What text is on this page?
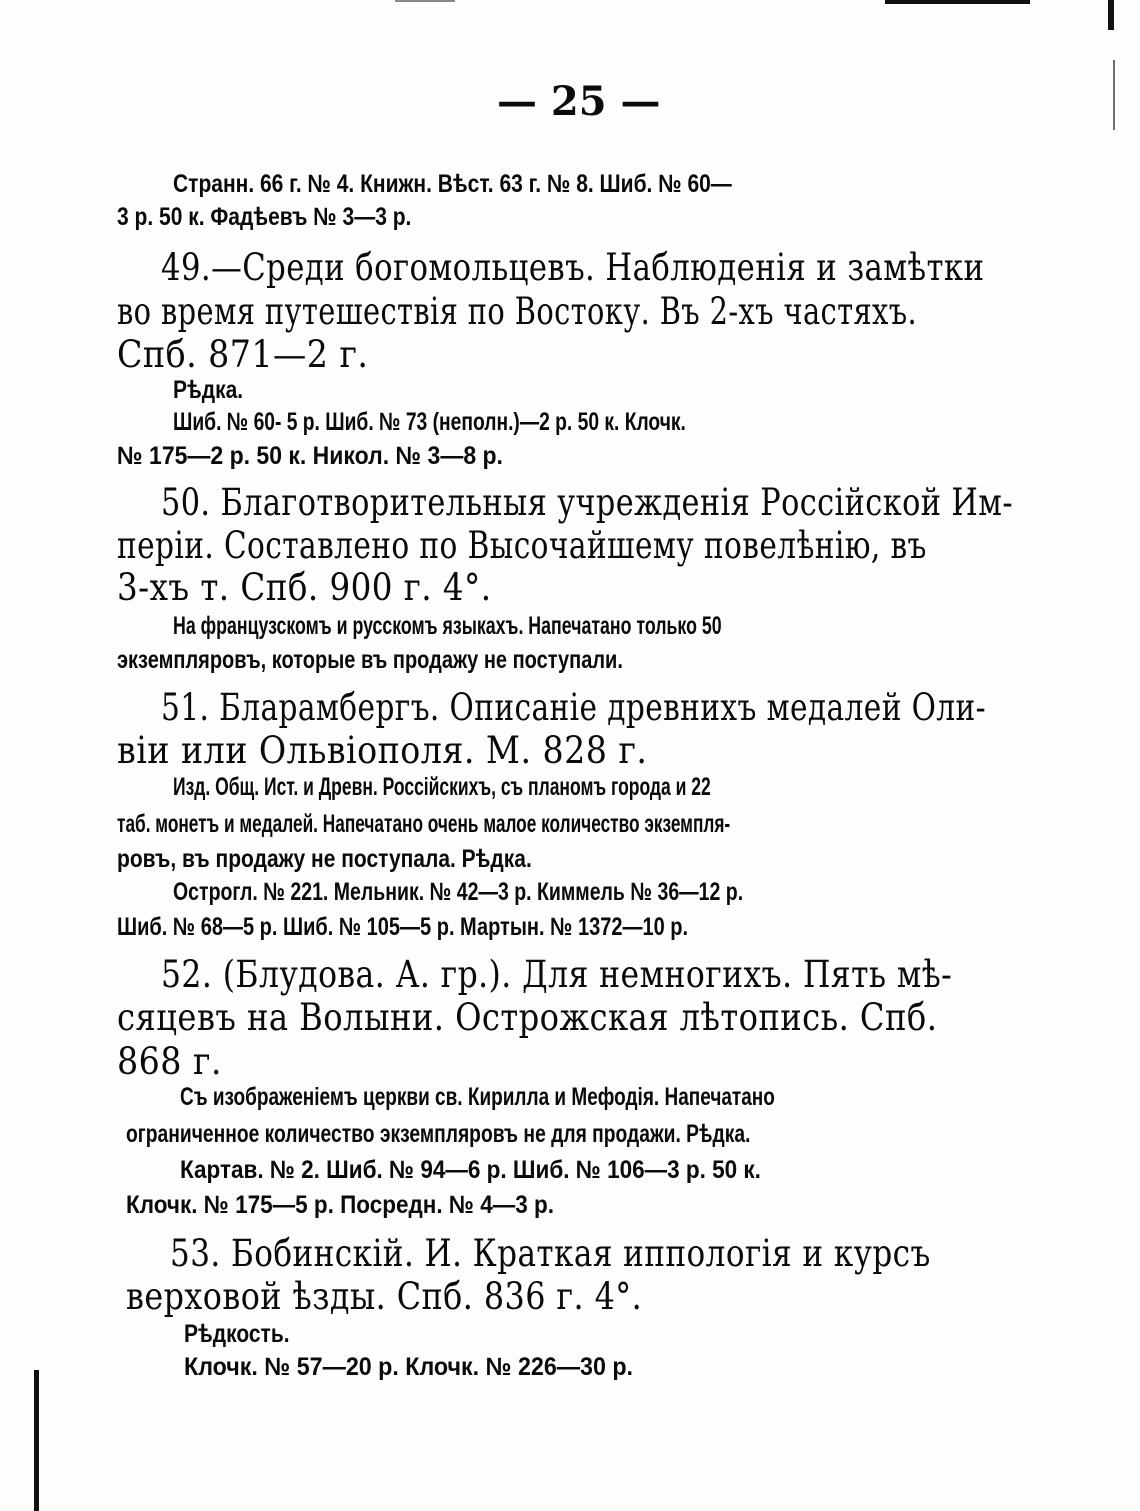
— 25 —
Странн. 66 г. № 4. Книжн. Вѣст. 63 г. № 8. Шиб. № 60—
3 р. 50 к. Фадѣевъ № 3—3 р.
49.—Среди богомольцевъ. Наблюденія и замѣтки
во время путешествія по Востоку. Въ 2-хъ частяхъ.
Спб. 871—2 г.
Рѣдка.
Шиб. № 60- 5 р. Шиб. № 73 (неполн.)—2 р. 50 к. Клочк.
№ 175—2 р. 50 к. Никол. № 3—8 р.
50. Благотворительныя учрежденія Россійской Им-
періи. Составлено по Высочайшему повелѣнію, въ
3-хъ т. Спб. 900 г. 4°.
На французскомъ и русскомъ языкахъ. Напечатано только 50
экземпляровъ, которые въ продажу не поступали.
51. Бларамбергъ. Описаніе древнихъ медалей Оли-
віи или Ольвіополя. М. 828 г.
Изд. Общ. Ист. и Древн. Россійскихъ, съ планомъ города и 22
таб. монетъ и медалей. Напечатано очень малое количество экземпля-
ровъ, въ продажу не поступала. Рѣдка.
Острогл. № 221. Мельник. № 42—3 р. Киммель № 36—12 р.
Шиб. № 68—5 р. Шиб. № 105—5 р. Мартын. № 1372—10 р.
52. (Блудова. А. гр.). Для немногихъ. Пять мѣ-
сяцевъ на Волыни. Острожская лѣтопись. Спб.
868 г.
Съ изображеніемъ церкви св. Кирилла и Мефодія. Напечатано
ограниченное количество экземпляровъ не для продажи. Рѣдка.
Картав. № 2. Шиб. № 94—6 р. Шиб. № 106—3 р. 50 к.
Клочк. № 175—5 р. Посредн. № 4—3 р.
53. Бобинскій. И. Краткая иппологія и курсъ
верховой ѣзды. Спб. 836 г. 4°.
Рѣдкость.
Клочк. № 57—20 р. Клочк. № 226—30 р.
